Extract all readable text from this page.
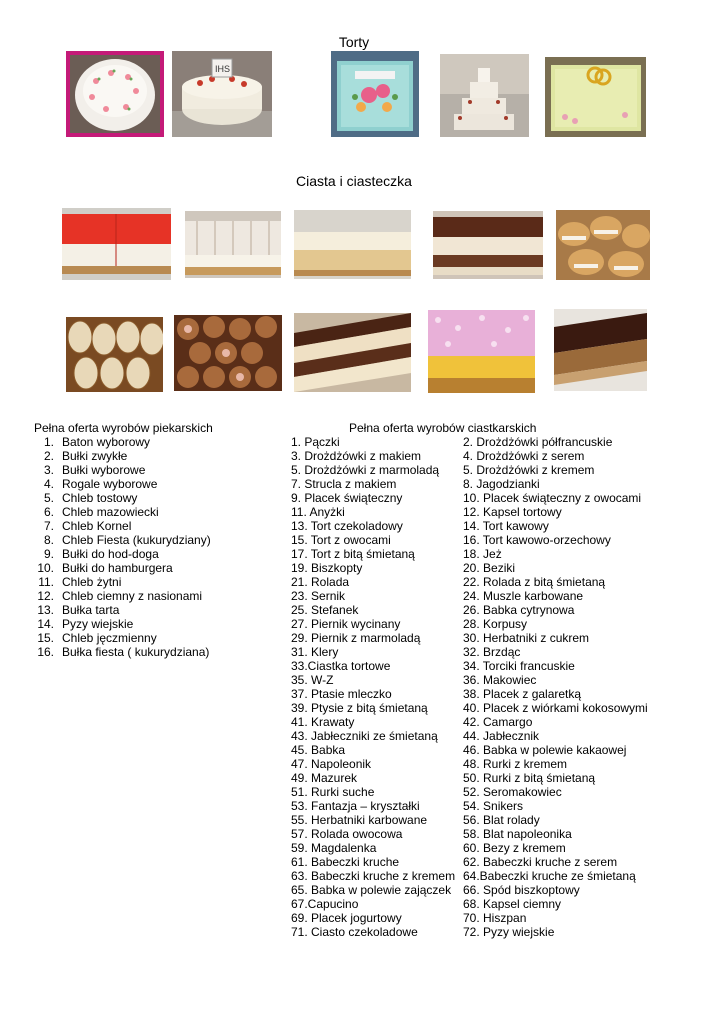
Torty
Ciasta i ciasteczka
IHS
Pełna oferta wyrobów piekarskich
1. Baton wyborowy
2. Bułki zwykłe
3. Bułki wyborowe
4. Rogale wyborowe
5. Chleb tostowy
6. Chleb mazowiecki
7. Chleb Kornel
8. Chleb Fiesta (kukurydziany)
9. Bułki do hod-doga
10. Bułki do hamburgera
11. Chleb żytni
12. Chleb ciemny z nasionami
13. Bułka tarta
14. Pyzy wiejskie
15. Chleb jęczmienny
16. Bułka fiesta ( kukurydziana)
Pełna oferta wyrobów ciastkarskich
1. Pączki
3. Drożdżówki z makiem
5. Drożdżówki z marmoladą
7. Strucla z makiem
9. Placek świąteczny
11. Anyżki
13. Tort czekoladowy
15. Tort z owocami
17. Tort z bitą śmietaną
19. Biszkopty
21. Rolada
23. Sernik
25. Stefanek
27. Piernik wycinany
29. Piernik z marmoladą
31. Klery
33.Ciastka tortowe
35. W-Z
37. Ptasie mleczko
39. Ptysie z bitą śmietaną
41. Krawaty
43. Jabłeczniki ze śmietaną
45. Babka
47. Napoleonik
49. Mazurek
51. Rurki suche
53. Fantazja – kryształki
55. Herbatniki karbowane
57. Rolada owocowa
59. Magdalenka
61. Babeczki kruche
63. Babeczki kruche z kremem
65. Babka w polewie zajączek
67.Capucino
69. Placek jogurtowy
71. Ciasto czekoladowe
2. Drożdżówki półfrancuskie
4. Drożdżówki z serem
5. Drożdżówki z kremem
8. Jagodzianki
10. Placek świąteczny z owocami
12. Kapsel tortowy
14. Tort kawowy
16. Tort kawowo-orzechowy
18. Jeż
20. Beziki
22. Rolada z bitą śmietaną
24. Muszle karbowane
26. Babka cytrynowa
28. Korpusy
30. Herbatniki z cukrem
32. Brzdąc
34. Torciki francuskie
36. Makowiec
38. Placek z galaretką
40. Placek z wiórkami kokosowymi
42. Camargo
44. Jabłecznik
46. Babka w polewie kakaowej
48. Rurki z kremem
50. Rurki z bitą śmietaną
52. Seromakowiec
54. Snikers
56. Blat rolady
58. Blat napoleonika
60. Bezy z kremem
62. Babeczki kruche z serem
64.Babeczki kruche ze śmietaną
66. Spód biszkoptowy
68. Kapsel ciemny
70. Hiszpan
72. Pyzy wiejskie
